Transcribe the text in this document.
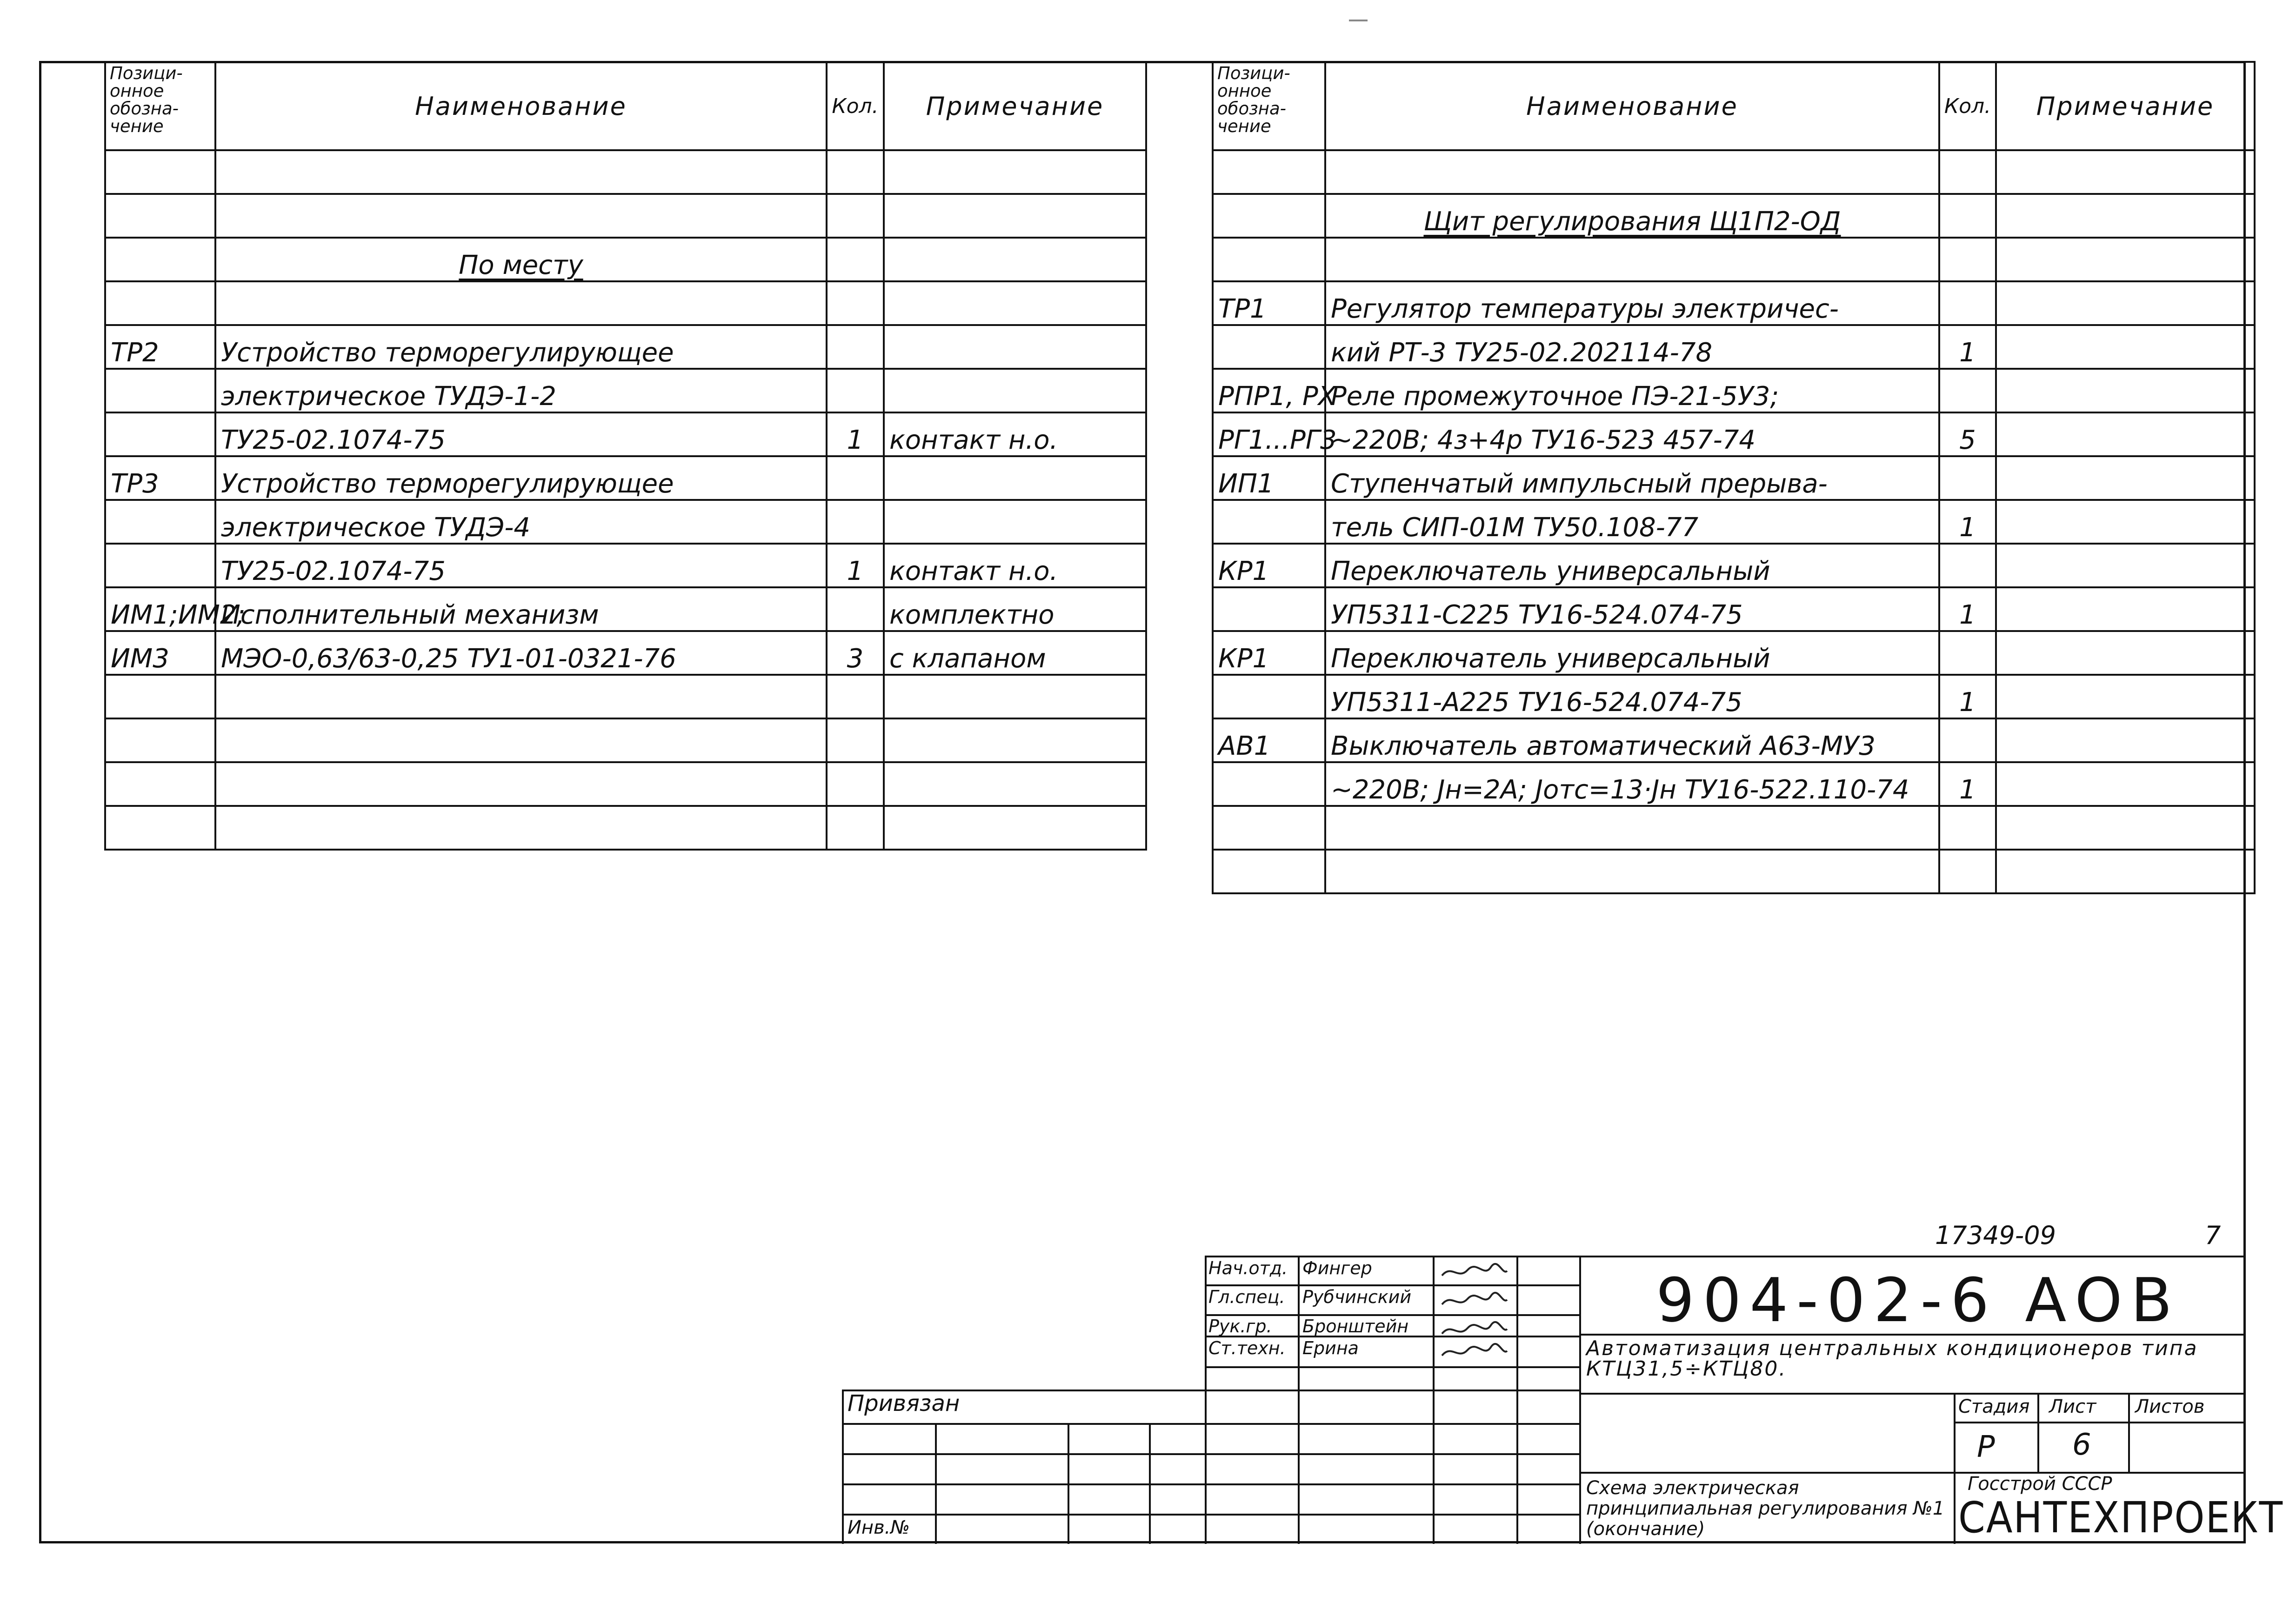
Позици-онное обозна-чение	Наименование	Кол.	Примечание

	По месту		

ТР2	Устройство терморегулирующее		
	электрическое ТУДЭ-1-2		
	ТУ25-02.1074-75	1	контакт н.о.
ТР3	Устройство терморегулирующее		
	электрическое ТУДЭ-4		
	ТУ25-02.1074-75	1	контакт н.о.
ИМ1;ИМ2;	Исполнительный механизм		комплектно
ИМ3	МЭО-0,63/63-0,25 ТУ1-01-0321-76	3	с клапаном

Позици-онное обозна-чение	Наименование	Кол.	Примечание

	Щит регулирования Щ1П2-ОД		

ТР1	Регулятор температуры электричес-		
	кий РТ-3 ТУ25-02.202114-78	1	
РПР1, РХ	Реле промежуточное ПЭ-21-5У3;		
РГ1...РГ3	~220В; 4з+4р ТУ16-523 457-74	5	
ИП1	Ступенчатый импульсный прерыва-		
	тель СИП-01М ТУ50.108-77	1	
КР1	Переключатель универсальный		
	УП5311-С225 ТУ16-524.074-75	1	
КР1	Переключатель универсальный		
	УП5311-А225 ТУ16-524.074-75	1	
АВ1	Выключатель автоматический А63-МУ3		
	~220В; Jн=2А; Jотс=13·Jн ТУ16-522.110-74	1	

17349-09	7
Нач.отд. Фингер
Гл.спец. Рубчинский
Рук.гр. Бронштейн
Ст.техн. Ерина
Привязан
Инв.№
904-02-6 АОВ
Автоматизация центральных кондиционеров типа КТЦ31,5÷КТЦ80.
Схема электрическая принципиальная регулирования №1 (окончание)
Стадия Лист Листов
Р	6
Госстрой СССР
САНТЕХПРОЕКТ
